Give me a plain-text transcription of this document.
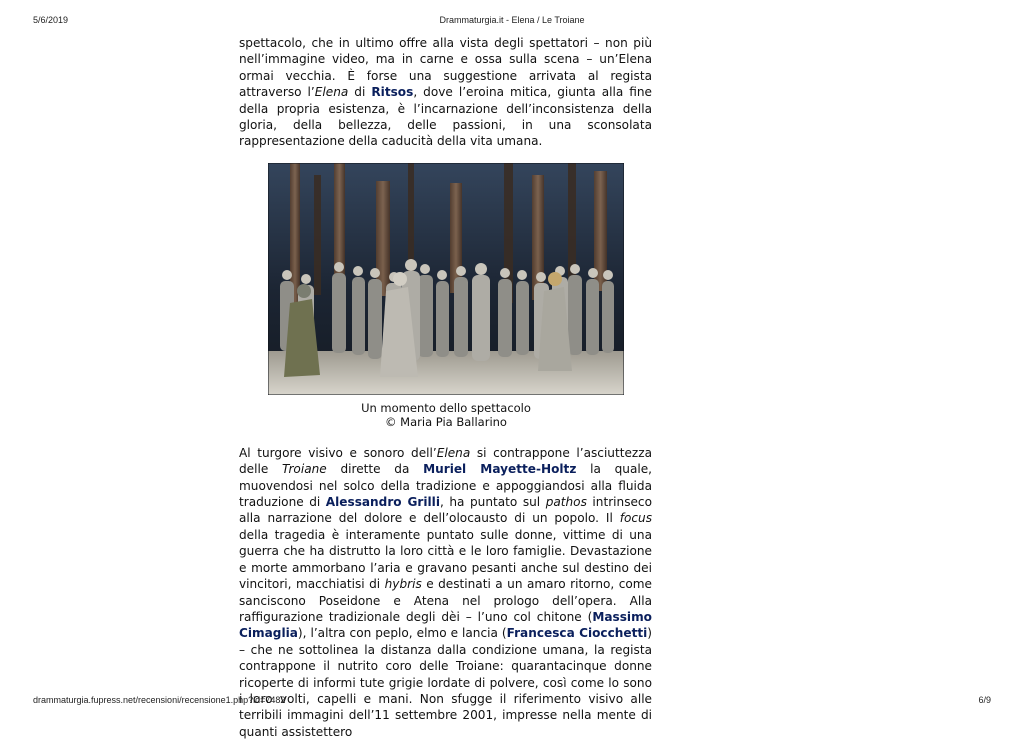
Drammaturgia.it - Elena / Le Troiane
5/6/2019

spettacolo, che in ultimo offre alla vista degli spettatori – non più nell’immagine video, ma in carne e ossa sulla scena – un’Elena ormai vecchia. È forse una suggestione arrivata al regista attraverso l’Elena di Ritsos, dove l’eroina mitica, giunta alla fine della propria esistenza, è l’incarnazione dell’inconsistenza della gloria, della bellezza, delle passioni, in una sconsolata rappresentazione della caducità della vita umana.

Un momento dello spettacolo
© Maria Pia Ballarino

Al turgore visivo e sonoro dell’Elena si contrappone l’asciuttezza delle Troiane dirette da Muriel Mayette-Holtz la quale, muovendosi nel solco della tradizione e appoggiandosi alla fluida traduzione di Alessandro Grilli, ha puntato sul pathos intrinseco alla narrazione del dolore e dell’olocausto di un popolo. Il focus della tragedia è interamente puntato sulle donne, vittime di una guerra che ha distrutto la loro città e le loro famiglie. Devastazione e morte ammorbano l’aria e gravano pesanti anche sul destino dei vincitori, macchiatisi di hybris e destinati a un amaro ritorno, come sanciscono Poseidone e Atena nel prologo dell’opera. Alla raffigurazione tradizionale degli dèi – l’uno col chitone (Massimo Cimaglia), l’altra con peplo, elmo e lancia (Francesca Ciocchetti) – che ne sottolinea la distanza dalla condizione umana, la regista contrappone il nutrito coro delle Troiane: quarantacinque donne ricoperte di informi tute grigie lordate di polvere, così come lo sono i loro volti, capelli e mani. Non sfugge il riferimento visivo alle terribili immagini dell’11 settembre 2001, impresse nella mente di quanti assistettero

drammaturgia.fupress.net/recensioni/recensione1.php?id=7482	6/9
